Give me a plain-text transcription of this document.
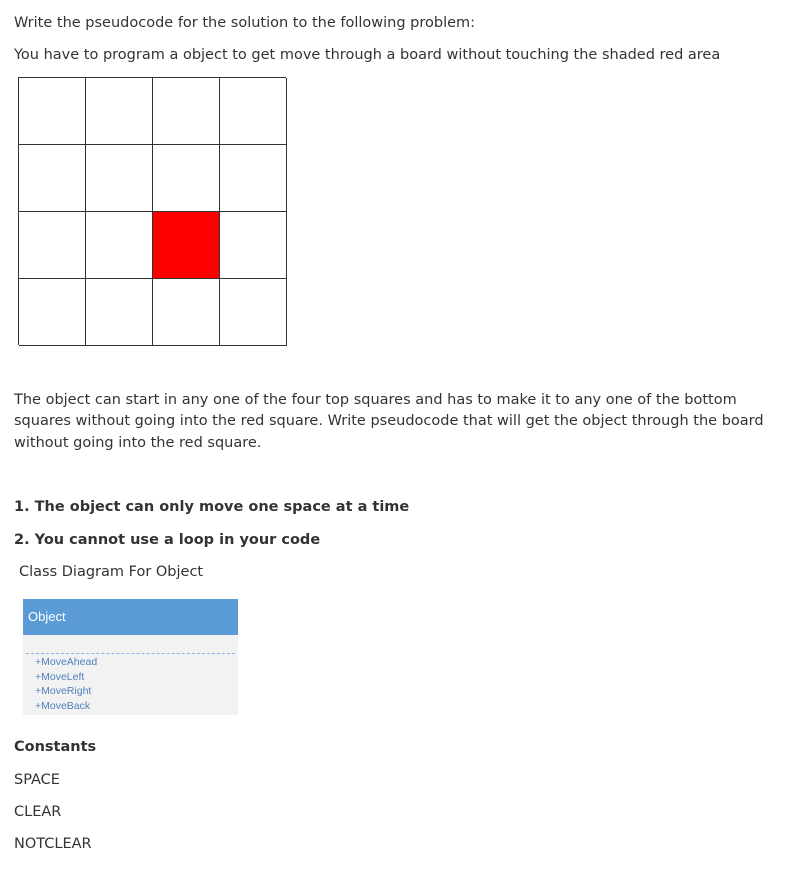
Write the pseudocode for the solution to the following problem:

You have to program a object to get move through a board without touching the shaded red area

The object can start in any one of the four top squares and has to make it to any one of the bottom

squares without going into the red square. Write pseudocode that will get the object through the board

without going into the red square.

1. The object can only move one space at a time

2. You cannot use a loop in your code

Class Diagram For Object

Object
+MoveAhead
+MoveLeft
+MoveRight
+MoveBack

Constants

SPACE

CLEAR

NOTCLEAR
